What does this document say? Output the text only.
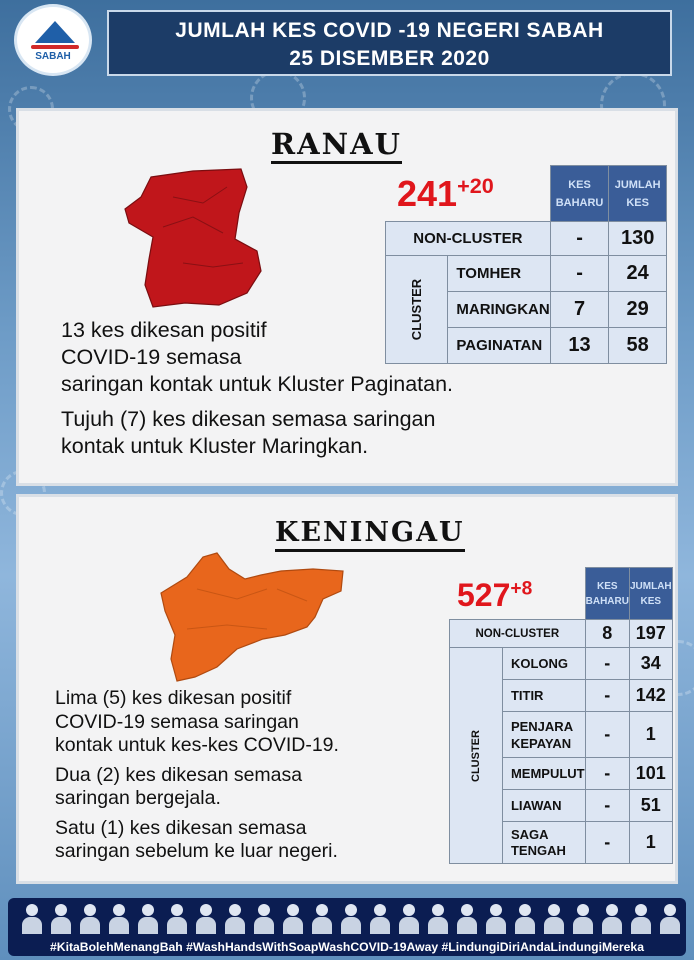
SABAH
JUMLAH KES COVID -19 NEGERI SABAH
25 DISEMBER 2020
RANAU
$241^{+20}$
		KES
BAHARU	JUMLAH
KES
NON-CLUSTER		-	130
CLUSTER	TOMHER	-	24
	MARINGKAN	7	29
	PAGINATAN	13	58

13 kes dikesan positif

COVID-19 semasa

saringan kontak untuk Kluster Paginatan.

Tujuh (7) kes dikesan semasa saringan

kontak untuk Kluster Maringkan.

KENINGAU
$527^{+8}$
		KES
BAHARU	JUMLAH
KES
NON-CLUSTER		8	197
CLUSTER	KOLONG	-	34
	TITIR	-	142
	PENJARA
KEPAYAN	-	1
	MEMPULUT	-	101
	LIAWAN	-	51
	SAGA
TENGAH	-	1

Lima (5) kes dikesan positif

COVID-19 semasa saringan

kontak untuk kes-kes COVID-19.

Dua (2) kes dikesan semasa

saringan bergejala.

Satu (1) kes dikesan semasa

saringan sebelum ke luar negeri.

#KitaBolehMenangBah #WashHandsWithSoapWashCOVID-19Away #LindungiDiriAndaLindungiMereka
